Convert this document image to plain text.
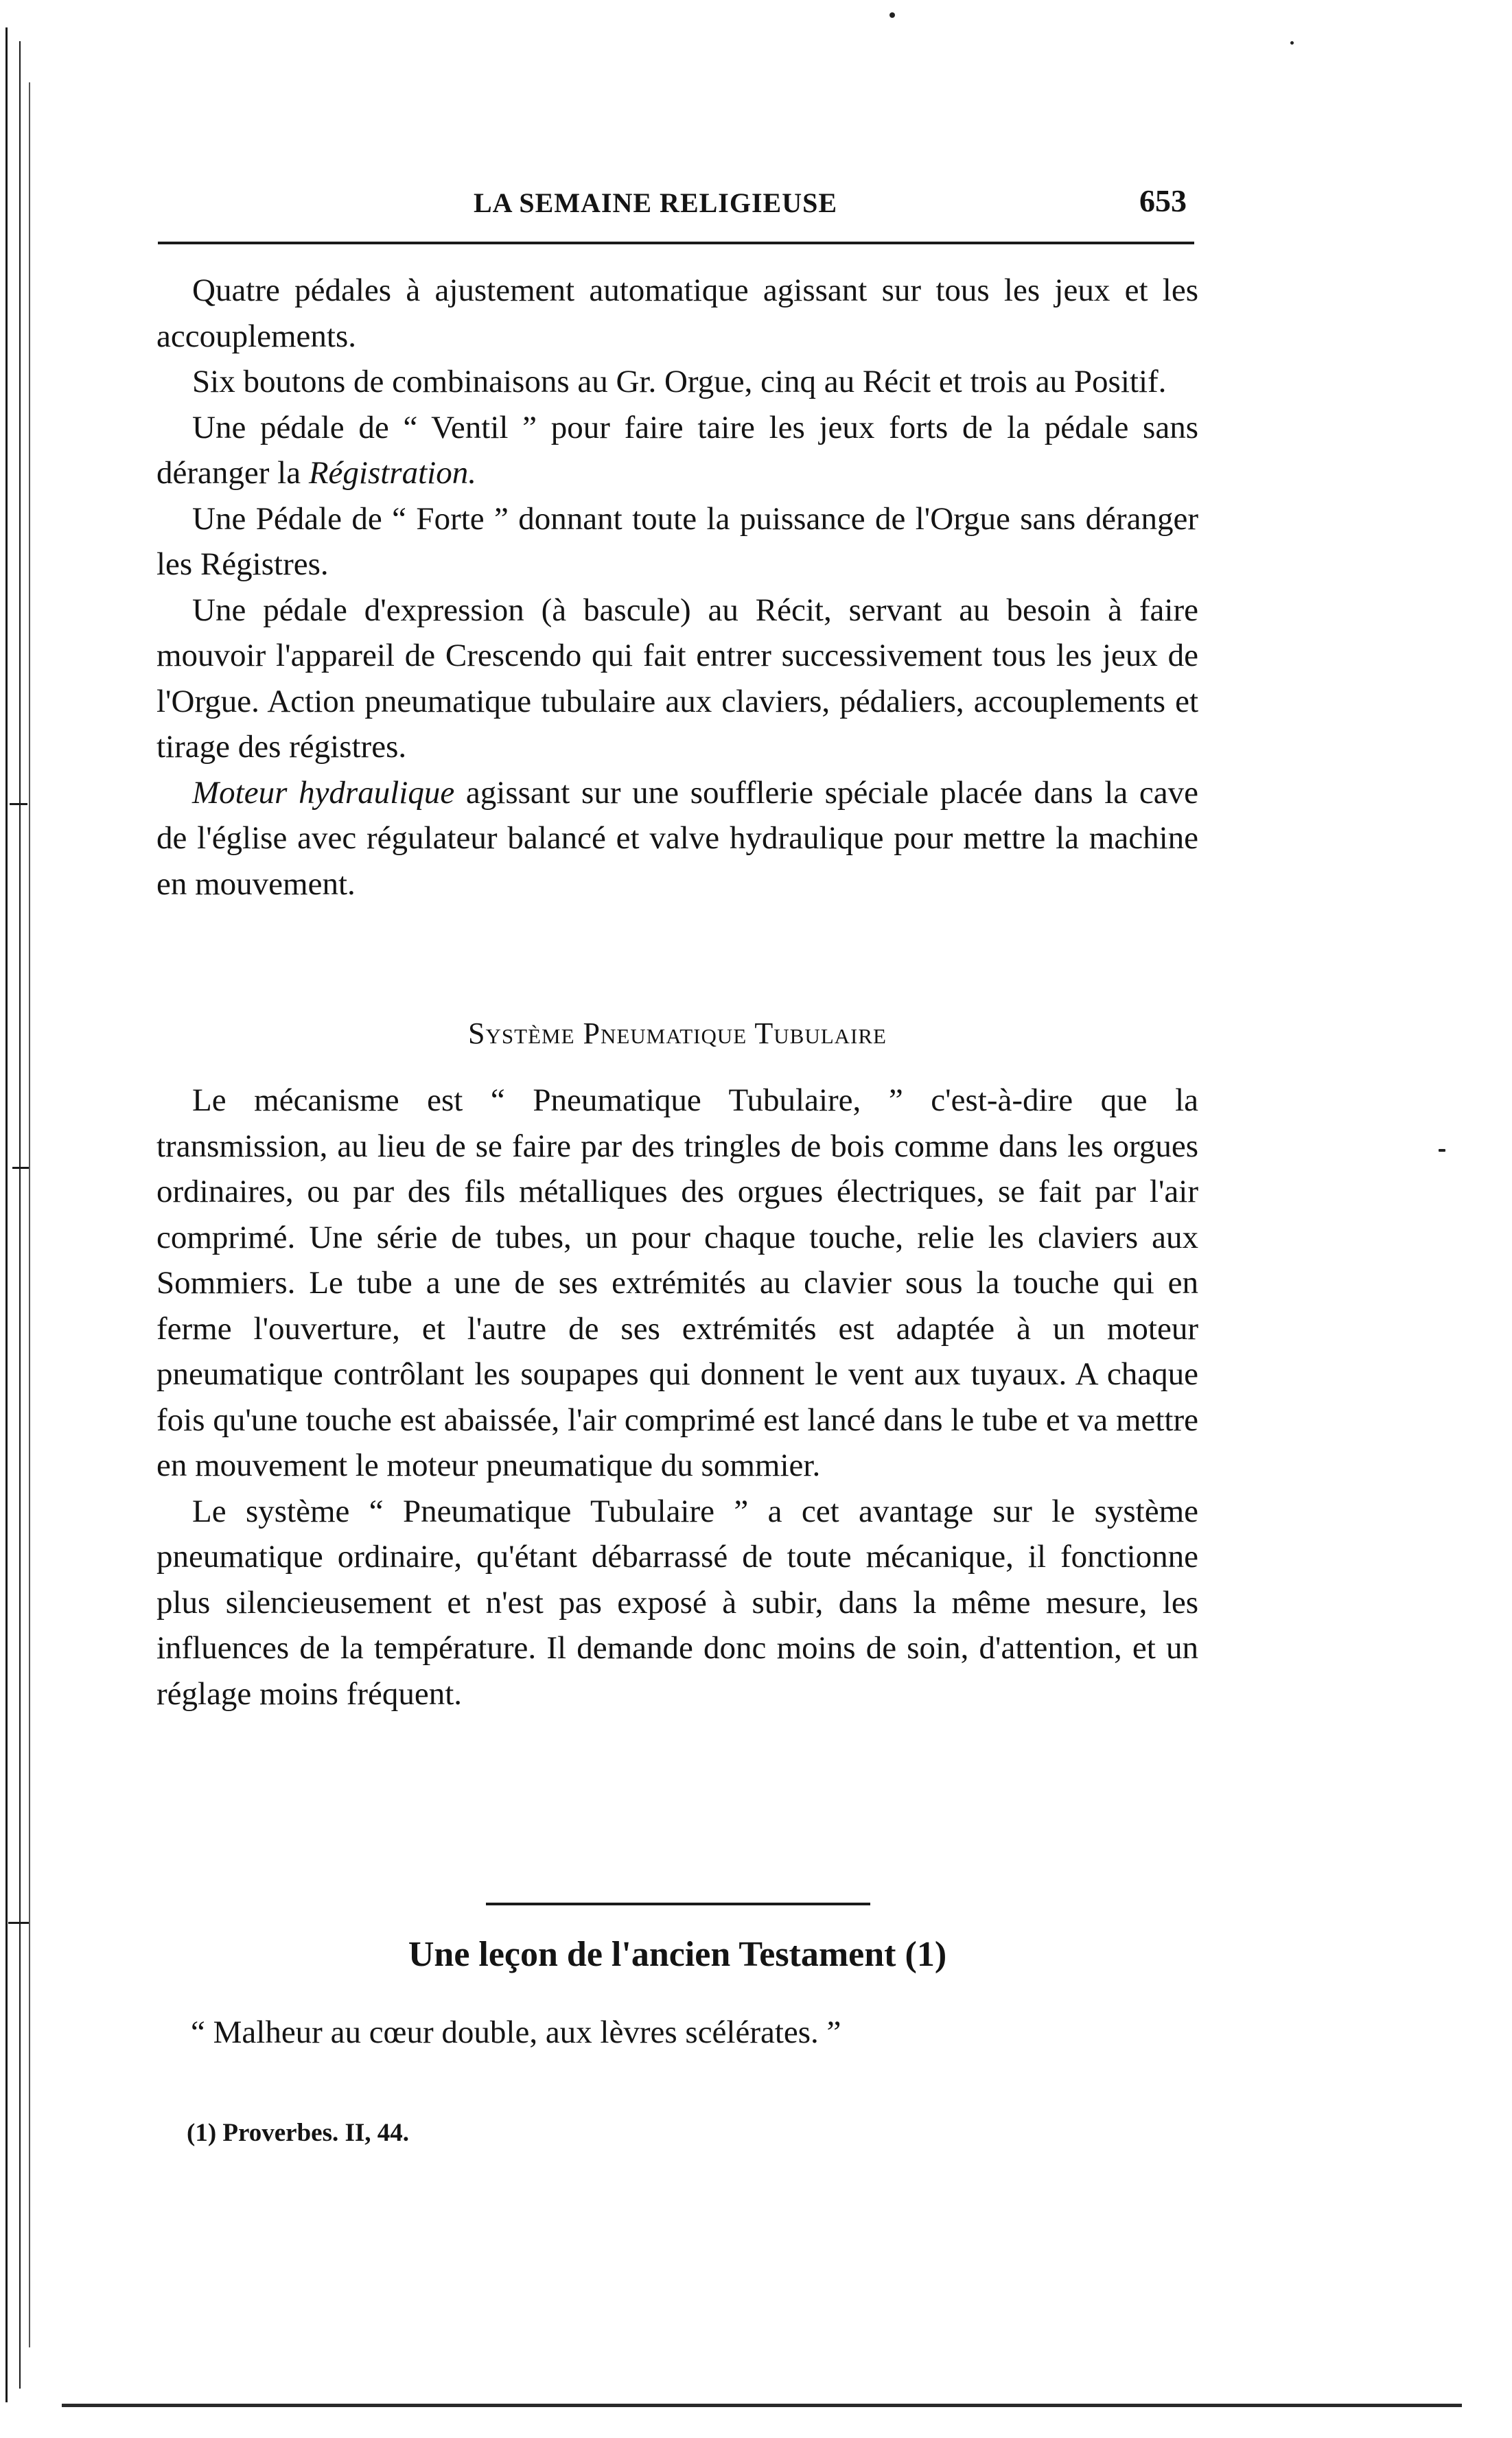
LA SEMAINE RELIGIEUSE	653

Quatre pédales à ajustement automatique agissant sur tous les jeux et les accouplements.

Six boutons de combinaisons au Gr. Orgue, cinq au Récit et trois au Positif.

Une pédale de “ Ventil ” pour faire taire les jeux forts de la pédale sans déranger la Régistration.

Une Pédale de “ Forte ” donnant toute la puissance de l'Orgue sans déranger les Régistres.

Une pédale d'expression (à bascule) au Récit, servant au besoin à faire mouvoir l'appareil de Crescendo qui fait entrer successivement tous les jeux de l'Orgue. Action pneumatique tubulaire aux claviers, pédaliers, accouplements et tirage des régistres.

Moteur hydraulique agissant sur une soufflerie spéciale placée dans la cave de l'église avec régulateur balancé et valve hydraulique pour mettre la machine en mouvement.

Système Pneumatique Tubulaire

Le mécanisme est “ Pneumatique Tubulaire, ” c'est-à-dire que la transmission, au lieu de se faire par des tringles de bois comme dans les orgues ordinaires, ou par des fils métalliques des orgues électriques, se fait par l'air comprimé. Une série de tubes, un pour chaque touche, relie les claviers aux Sommiers. Le tube a une de ses extrémités au clavier sous la touche qui en ferme l'ouverture, et l'autre de ses extrémités est adaptée à un moteur pneumatique contrôlant les soupapes qui donnent le vent aux tuyaux. A chaque fois qu'une touche est abaissée, l'air comprimé est lancé dans le tube et va mettre en mouvement le moteur pneumatique du sommier.

Le système “ Pneumatique Tubulaire ” a cet avantage sur le système pneumatique ordinaire, qu'étant débarrassé de toute mécanique, il fonctionne plus silencieusement et n'est pas exposé à subir, dans la même mesure, les influences de la température. Il demande donc moins de soin, d'attention, et un réglage moins fréquent.

Une leçon de l'ancien Testament (1)
“ Malheur au cœur double, aux lèvres scélérates. ”
(1) Proverbes. II, 44.
